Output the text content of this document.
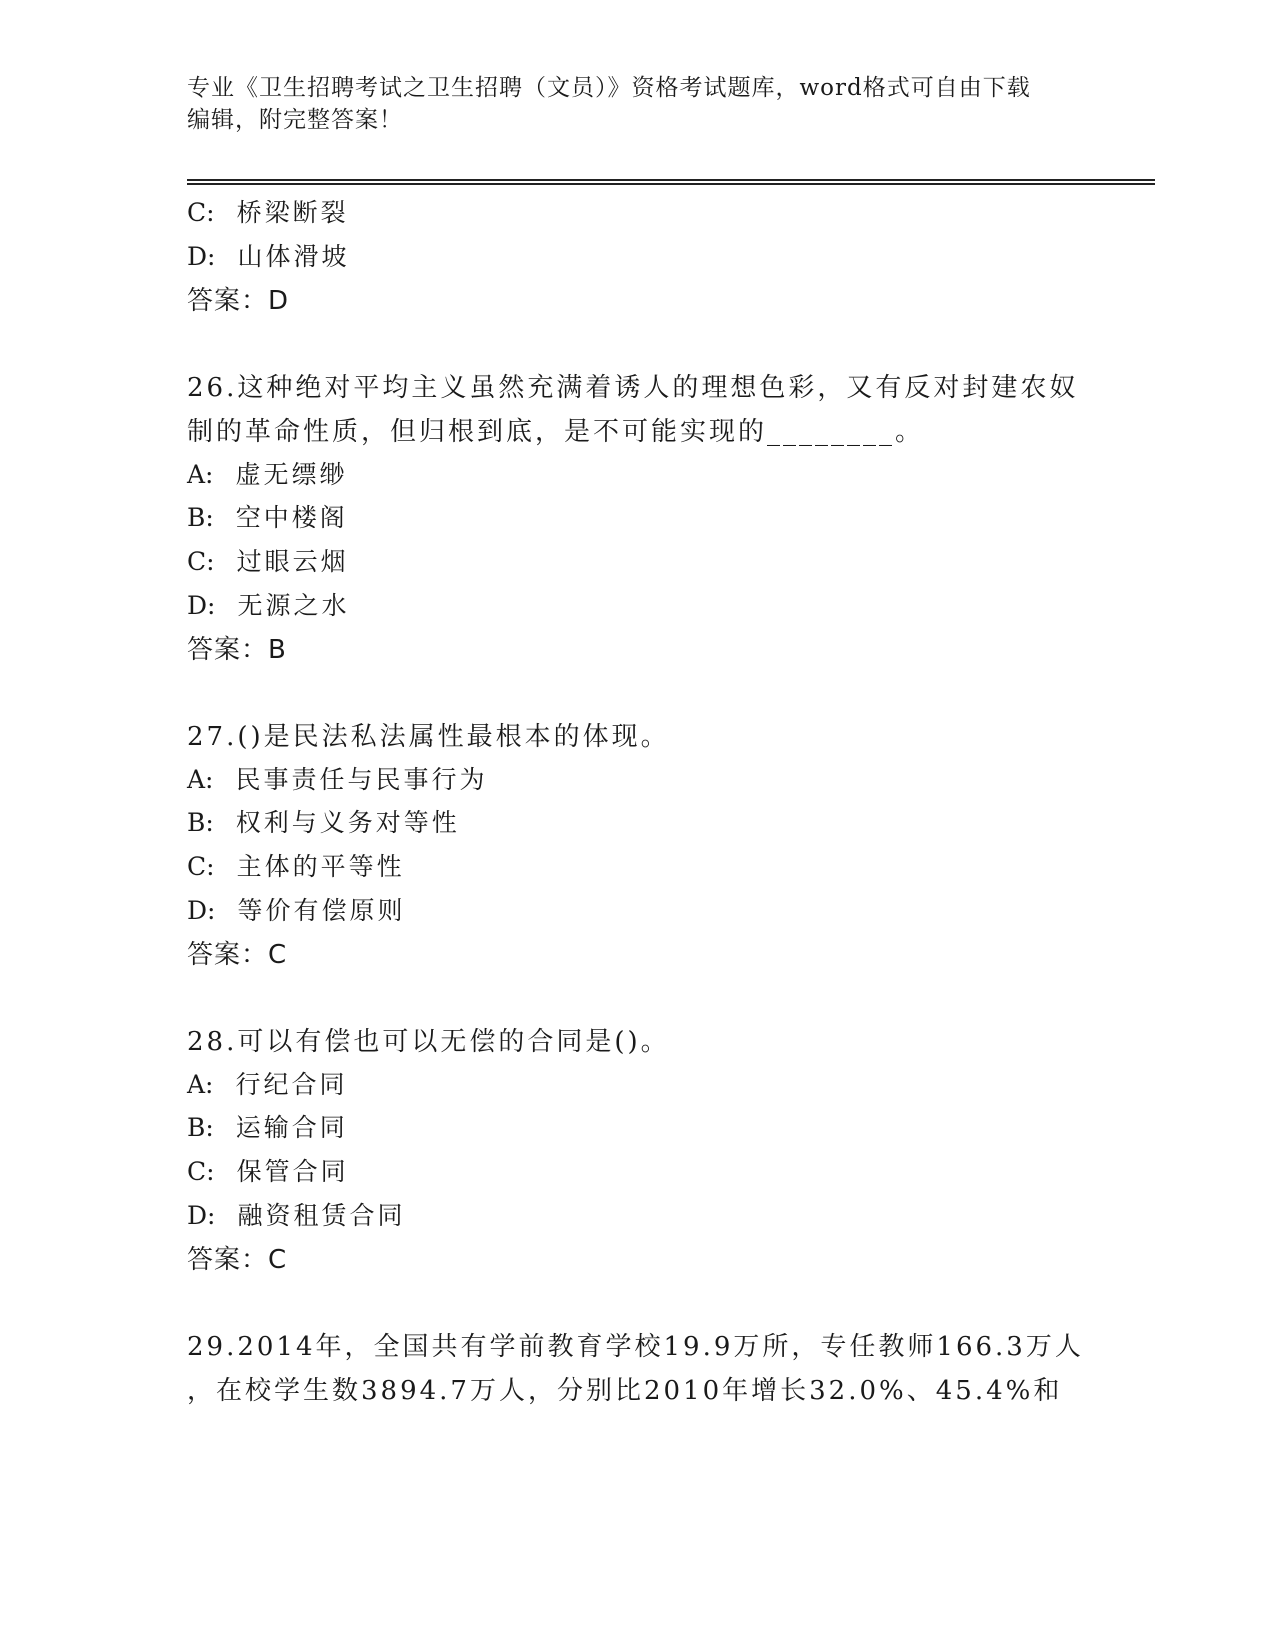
专业《卫生招聘考试之卫生招聘（文员）》资格考试题库，word格式可自由下载
编辑，附完整答案！
C: 桥梁断裂
D: 山体滑坡
答案：D
26.这种绝对平均主义虽然充满着诱人的理想色彩，又有反对封建农奴
制的革命性质，但归根到底，是不可能实现的________。
A: 虚无缥缈
B: 空中楼阁
C: 过眼云烟
D: 无源之水
答案：B
27.()是民法私法属性最根本的体现。
A: 民事责任与民事行为
B: 权利与义务对等性
C: 主体的平等性
D: 等价有偿原则
答案：C
28.可以有偿也可以无偿的合同是()。
A: 行纪合同
B: 运输合同
C: 保管合同
D: 融资租赁合同
答案：C
29.2014年，全国共有学前教育学校19.9万所，专任教师166.3万人
，在校学生数3894.7万人，分别比2010年增长32.0%、45.4%和
